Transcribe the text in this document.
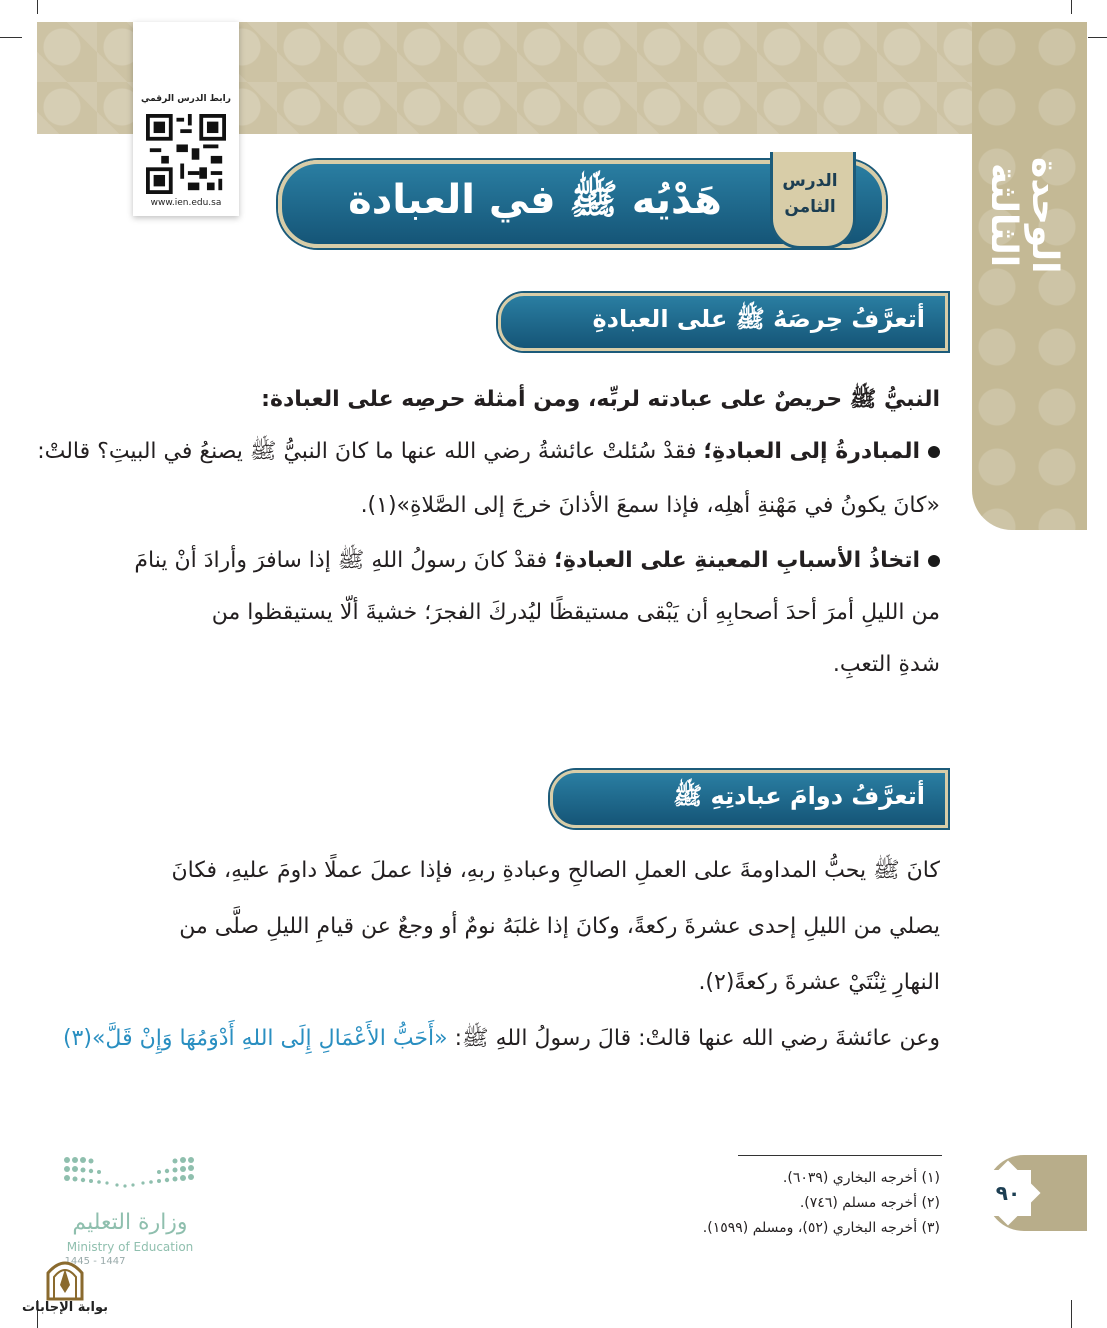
الوحدة الثالثة
رابط الدرس الرقمي
www.ien.edu.sa	هَدْيُه ﷺ في العبادة	الدرس الثامن
أتعرَّفُ حِرصَهُ ﷺ على العبادةِ
النبيُّ ﷺ حريصٌ على عبادته لربِّه، ومن أمثلة حرصِه على العبادة:
المبادرةُ إلى العبادةِ؛ فقدْ سُئلتْ عائشةُ رضي الله عنها ما كانَ النبيُّ ﷺ يصنعُ في البيتِ؟ قالتْ:
«كانَ يكونُ في مَهْنةِ أهلِه، فإذا سمعَ الأذانَ خرجَ إلى الصَّلاةِ»(١).
اتخاذُ الأسبابِ المعينةِ على العبادةِ؛ فقدْ كانَ رسولُ اللهِ ﷺ إذا سافرَ وأرادَ أنْ ينامَ
من الليلِ أمرَ أحدَ أصحابِهِ أن يَبْقى مستيقظًا ليُدركَ الفجرَ؛ خشيةَ ألّا يستيقظوا من
شدةِ التعبِ.
أتعرَّفُ دوامَ عبادتِهِ ﷺ
كانَ ﷺ يحبُّ المداومةَ على العملِ الصالحِ وعبادةِ ربهِ، فإذا عملَ عملًا داومَ عليهِ، فكانَ
يصلي من الليلِ إحدى عشرةَ ركعةً، وكانَ إذا غلبَهُ نومٌ أو وجعٌ عن قيامِ الليلِ صلَّى من
النهارِ ثِنْتَيْ عشرةَ ركعةً(٢).
وعن عائشةَ رضي الله عنها قالتْ: قالَ رسولُ اللهِ ﷺ: «أَحَبُّ الأَعْمَالِ إِلَى اللهِ أَدْوَمُهَا وَإِنْ قَلَّ»(٣)
(١) أخرجه البخاري (٦٠٣٩).
(٢) أخرجه مسلم (٧٤٦).
(٣) أخرجه البخاري (٥٢)، ومسلم (١٥٩٩).
٩٠
وزارة التعليم
Ministry of Education
1445 - 1447
بوابة الإجابات
